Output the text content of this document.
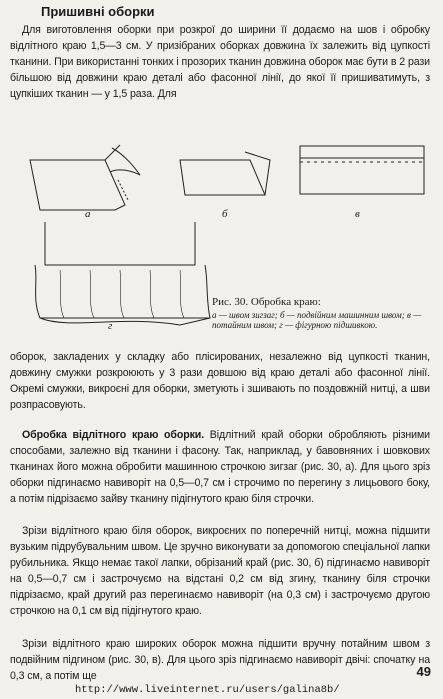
Пришивні оборки
Для виготовлення оборки при розкрої до ширини її додаємо на шов і обробку відлітного краю 1,5—3 см. У призібраних оборках довжина їх залежить від цупкості тканини. При використанні тонких і прозорих тканин довжина оборок має бути в 2 рази більшою від довжини краю деталі або фасонної лінії, до якої її пришиватимуть, з цупкіших тканин — у 1,5 раза. Для
а	б	в
г
Рис. 30. Обробка краю:
а — швом зигзаг; б — подвійним машинним швом; в — потайним швом; г — фігурною підшивкою.
оборок, закладених у складку або плісированих, незалежно від цупкості тканин, довжину смужки розкроюють у 3 рази довшою від краю деталі або фасонної лінії. Окремі смужки, викроєні для оборки, зметують і зшивають по поздовжній нитці, а шви розпрасовують.
Обробка відлітного краю оборки. Відлітний край оборки обробляють різними способами, залежно від тканини і фасону. Так, наприклад, у бавовняних і шовкових тканинах його можна обробити машинною строчкою зигзаг (рис. 30, а). Для цього зріз оборки підгинаємо навиворіт на 0,5—0,7 см і строчимо по перегину з лицьового боку, а потім підрізаємо зайву тканину підігнутого краю біля строчки.
Зрізи відлітного краю біля оборок, викроєних по поперечній нитці, можна підшити вузьким підрубувальним швом. Це зручно виконувати за допомогою спеціальної лапки рубильника. Якщо немає такої лапки, обрізаний край (рис. 30, б) підгинаємо навиворіт на 0,5—0,7 см і застрочуємо на відстані 0,2 см від згину, тканину біля строчки підрізаємо, край другий раз перегинаємо навиворіт (на 0,3 см) і застрочуємо другою строчкою на 0,1 см від підігнутого краю.
Зрізи відлітного краю широких оборок можна підшити вручну потайним швом з подвійним підгином (рис. 30, в). Для цього зріз підгинаємо навиворіт двічі: спочатку на 0,3 см, а потім ще	49
http://www.liveinternet.ru/users/galina8b/
